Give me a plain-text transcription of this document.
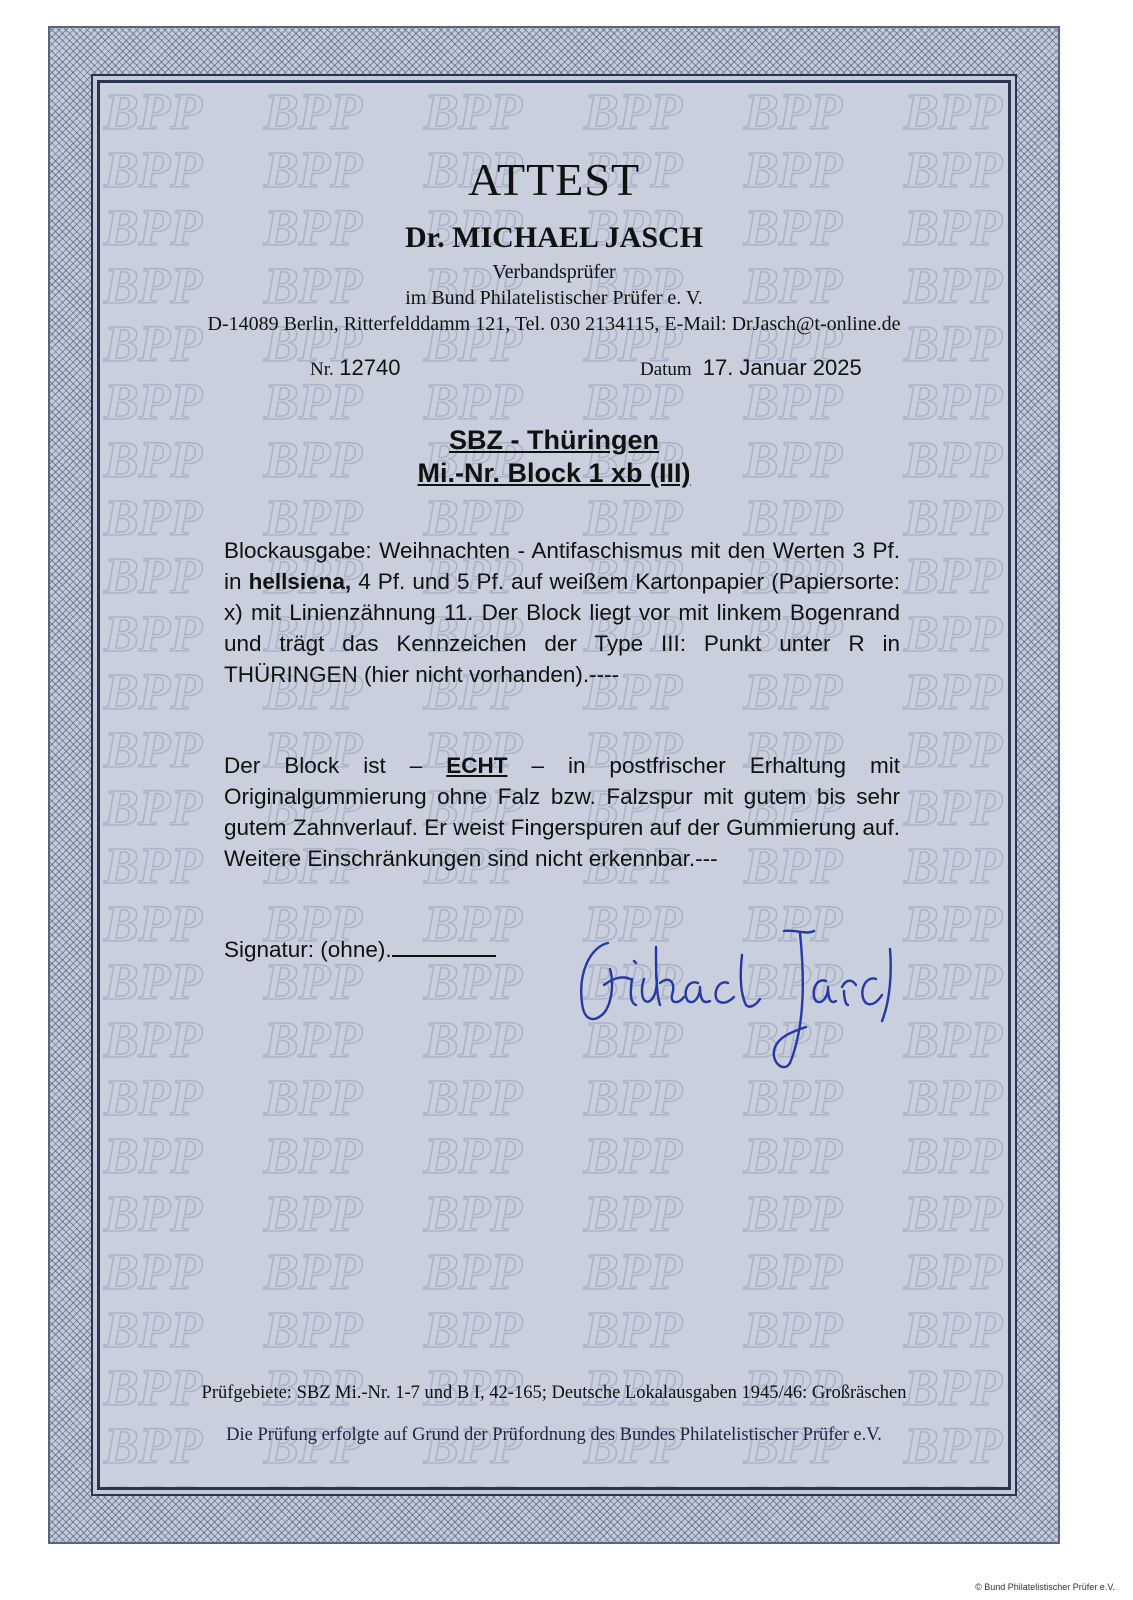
ATTEST
Dr. MICHAEL JASCH
Verbandsprüfer
im Bund Philatelistischer Prüfer e. V.
D-14089 Berlin, Ritterfelddamm 121, Tel. 030 2134115, E-Mail: DrJasch@t-online.de
Nr. 12740	Datum 17. Januar 2025
SBZ - Thüringen
Mi.-Nr. Block 1 xb (III)
Blockausgabe: Weihnachten - Antifaschismus mit den Werten 3 Pf. in hellsiena, 4 Pf. und 5 Pf. auf weißem Kartonpapier (Papiersorte: x) mit Linienzähnung 11. Der Block liegt vor mit linkem Bogenrand und trägt das Kennzeichen der Type III: Punkt unter R in THÜRINGEN (hier nicht vorhanden).----
Der Block ist – ECHT – in postfrischer Erhaltung mit Originalgummierung ohne Falz bzw. Falzspur mit gutem bis sehr gutem Zahnverlauf. Er weist Fingerspuren auf der Gummierung auf. Weitere Einschränkungen sind nicht erkennbar.---
Signatur: (ohne).
Prüfgebiete: SBZ Mi.-Nr. 1-7 und B I, 42-165; Deutsche Lokalausgaben 1945/46: Großräschen
Die Prüfung erfolgte auf Grund der Prüfordnung des Bundes Philatelistischer Prüfer e.V.
© Bund Philatelistischer Prüfer e.V.
